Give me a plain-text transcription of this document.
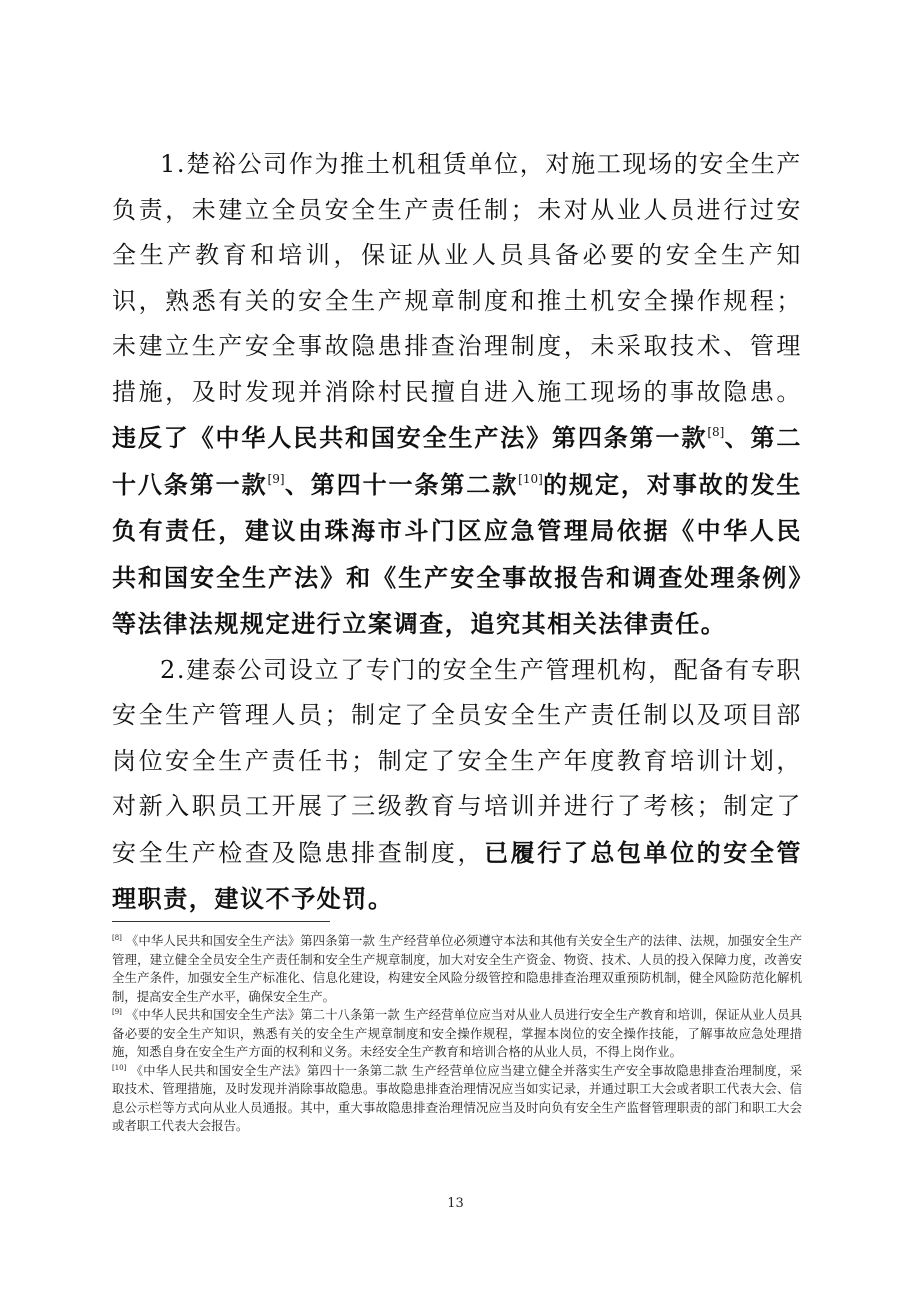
1.楚裕公司作为推土机租赁单位，对施工现场的安全生产负责，未建立全员安全生产责任制；未对从业人员进行过安全生产教育和培训，保证从业人员具备必要的安全生产知识，熟悉有关的安全生产规章制度和推土机安全操作规程；未建立生产安全事故隐患排查治理制度，未采取技术、管理措施，及时发现并消除村民擅自进入施工现场的事故隐患。违反了《中华人民共和国安全生产法》第四条第一款[8]、第二十八条第一款[9]、第四十一条第二款[10]的规定，对事故的发生负有责任，建议由珠海市斗门区应急管理局依据《中华人民共和国安全生产法》和《生产安全事故报告和调查处理条例》等法律法规规定进行立案调查，追究其相关法律责任。

2.建泰公司设立了专门的安全生产管理机构，配备有专职安全生产管理人员；制定了全员安全生产责任制以及项目部岗位安全生产责任书；制定了安全生产年度教育培训计划，对新入职员工开展了三级教育与培训并进行了考核；制定了安全生产检查及隐患排查制度，已履行了总包单位的安全管理职责，建议不予处罚。

[8] 《中华人民共和国安全生产法》第四条第一款 生产经营单位必须遵守本法和其他有关安全生产的法律、法规，加强安全生产管理，建立健全全员安全生产责任制和安全生产规章制度，加大对安全生产资金、物资、技术、人员的投入保障力度，改善安全生产条件，加强安全生产标准化、信息化建设，构建安全风险分级管控和隐患排查治理双重预防机制，健全风险防范化解机制，提高安全生产水平，确保安全生产。

[9] 《中华人民共和国安全生产法》第二十八条第一款 生产经营单位应当对从业人员进行安全生产教育和培训，保证从业人员具备必要的安全生产知识，熟悉有关的安全生产规章制度和安全操作规程，掌握本岗位的安全操作技能，了解事故应急处理措施，知悉自身在安全生产方面的权利和义务。未经安全生产教育和培训合格的从业人员，不得上岗作业。

[10] 《中华人民共和国安全生产法》第四十一条第二款 生产经营单位应当建立健全并落实生产安全事故隐患排查治理制度，采取技术、管理措施，及时发现并消除事故隐患。事故隐患排查治理情况应当如实记录，并通过职工大会或者职工代表大会、信息公示栏等方式向从业人员通报。其中，重大事故隐患排查治理情况应当及时向负有安全生产监督管理职责的部门和职工大会或者职工代表大会报告。

13
